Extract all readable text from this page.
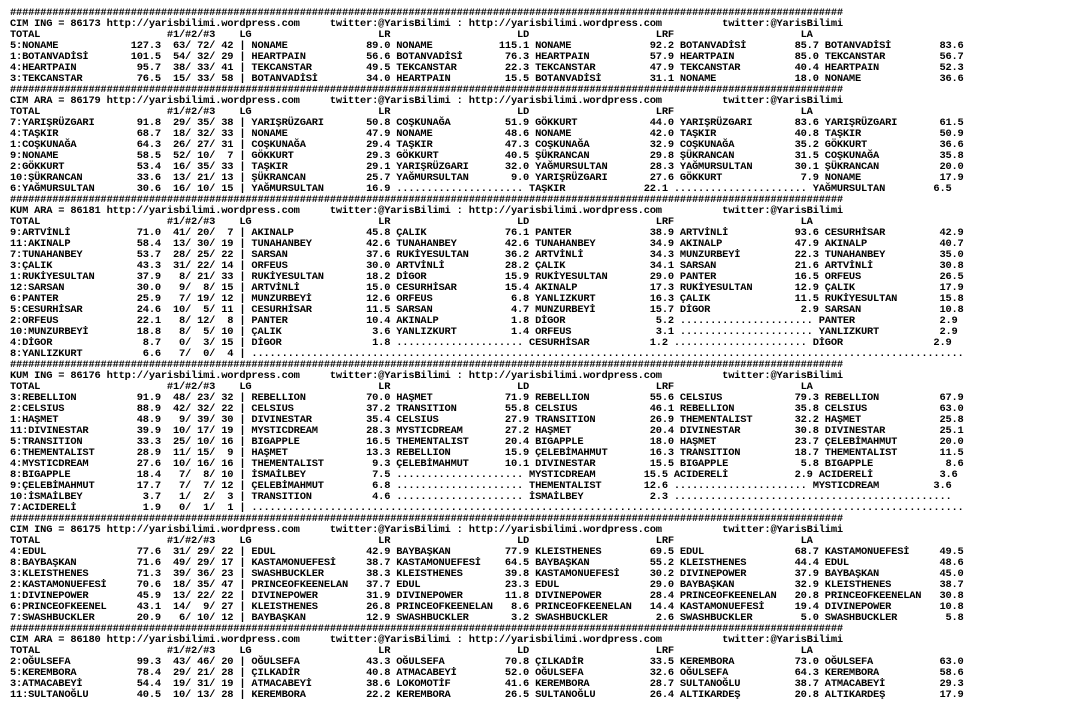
##########################################################################################################################################
CIM ING = 86173 http://yarisbilimi.wordpress.com     twitter:@YarisBilimi : http://yarisbilimi.wordpress.com          twitter:@YarisBilimi
TOTAL                     #1/#2/#3    LG                     LR                     LD                     LRF                     LA
5:NONAME            127.3  63/ 72/ 42 | NONAME             89.0 NONAME           115.1 NONAME             92.2 BOTANVADİSİ        85.7 BOTANVADİSİ        83.6
1:BOTANVADİSİ       101.5  54/ 32/ 29 | HEARTPAIN          56.6 BOTANVADİSİ       76.3 HEARTPAIN          57.9 HEARTPAIN          85.0 TEKCANSTAR         56.7
4:HEARTPAIN          95.7  38/ 33/ 41 | TEKCANSTAR         49.5 TEKCANSTAR        22.3 TEKCANSTAR         47.9 TEKCANSTAR         40.4 HEARTPAIN          52.3
3:TEKCANSTAR         76.5  15/ 33/ 58 | BOTANVADİSİ        34.0 HEARTPAIN         15.5 BOTANVADİSİ        31.1 NONAME             18.0 NONAME             36.6
##########################################################################################################################################
CIM ARA = 86179 http://yarisbilimi.wordpress.com     twitter:@YarisBilimi : http://yarisbilimi.wordpress.com          twitter:@YarisBilimi
TOTAL                     #1/#2/#3    LG                     LR                     LD                     LRF                     LA
7:YARIŞRÜZGARI       91.8  29/ 35/ 38 | YARIŞRÜZGARI       50.8 COŞKUNAĞA         51.9 GÖKKURT            44.0 YARIŞRÜZGARI       83.6 YARIŞRÜZGARI       61.5
4:TAŞKIR             68.7  18/ 32/ 33 | NONAME             47.9 NONAME            48.6 NONAME             42.0 TAŞKIR             40.8 TAŞKIR             50.9
1:COŞKUNAĞA          64.3  26/ 27/ 31 | COŞKUNAĞA          29.4 TAŞKIR            47.3 COŞKUNAĞA          32.9 COŞKUNAĞA          35.2 GÖKKURT            36.6
9:NONAME             58.5  52/ 10/  7 | GÖKKURT            29.3 GÖKKURT           40.5 ŞÜKRANCAN          29.8 ŞÜKRANCAN          31.5 COŞKUNAĞA          35.8
2:GÖKKURT            53.4  16/ 35/ 33 | TAŞKIR             29.1 YARIŞRÜZGARI      32.0 YAĞMURSULTAN       28.3 YAĞMURSULTAN       30.1 ŞÜKRANCAN          20.0
10:ŞÜKRANCAN         33.6  13/ 21/ 13 | ŞÜKRANCAN          25.7 YAĞMURSULTAN       9.0 YARIŞRÜZGARI       27.6 GÖKKURT             7.9 NONAME             17.9
6:YAĞMURSULTAN       30.6  16/ 10/ 15 | YAĞMURSULTAN       16.9 ..................... TAŞKIR             22.1 ...................... YAĞMURSULTAN        6.5
##########################################################################################################################################
KUM ARA = 86181 http://yarisbilimi.wordpress.com     twitter:@YarisBilimi : http://yarisbilimi.wordpress.com          twitter:@YarisBilimi
TOTAL                     #1/#2/#3    LG                     LR                     LD                     LRF                     LA
9:ARTVİNLİ           71.0  41/ 20/  7 | AKINALP            45.8 ÇALIK             76.1 PANTER             38.9 ARTVİNLİ           93.6 CESURHİSAR         42.9
11:AKINALP           58.4  13/ 30/ 19 | TUNAHANBEY         42.6 TUNAHANBEY        42.6 TUNAHANBEY         34.9 AKINALP            47.9 AKINALP            40.7
7:TUNAHANBEY         53.7  28/ 25/ 22 | SARSAN             37.6 RUKİYESULTAN      36.2 ARTVİNLİ           34.3 MUNZURBEYİ         22.3 TUNAHANBEY         35.0
3:ÇALIK              43.3  31/ 22/ 14 | ORFEUS             30.0 ARTVİNLİ          28.2 ÇALIK              34.1 SARSAN             21.6 ARTVİNLİ           30.8
1:RUKİYESULTAN       37.9   8/ 21/ 33 | RUKİYESULTAN       18.2 DİGOR             15.9 RUKİYESULTAN       29.0 PANTER             16.5 ORFEUS             26.5
12:SARSAN            30.0   9/  8/ 15 | ARTVİNLİ           15.0 CESURHİSAR        15.4 AKINALP            17.3 RUKİYESULTAN       12.9 ÇALIK              17.9
6:PANTER             25.9   7/ 19/ 12 | MUNZURBEYİ         12.6 ORFEUS             6.8 YANLIZKURT         16.3 ÇALIK              11.5 RUKİYESULTAN       15.8
5:CESURHİSAR         24.6  10/  5/ 11 | CESURHİSAR         11.5 SARSAN             4.7 MUNZURBEYİ         15.7 DİGOR               2.9 SARSAN             10.8
2:ORFEUS             22.1   8/ 12/  8 | PANTER             10.4 AKINALP            1.8 DİGOR               5.2 ...................... PANTER              2.9
10:MUNZURBEYİ        18.8   8/  5/ 10 | ÇALIK               3.6 YANLIZKURT         1.4 ORFEUS              3.1 ...................... YANLIZKURT          2.9
4:DİGOR               8.7   0/  3/ 15 | DİGOR               1.8 ..................... CESURHİSAR          1.2 ...................... DİGOR               2.9
8:YANLIZKURT          6.6   7/  0/  4 | ......................................................................................................................
##########################################################################################################################################
KUM ING = 86176 http://yarisbilimi.wordpress.com     twitter:@YarisBilimi : http://yarisbilimi.wordpress.com          twitter:@YarisBilimi
TOTAL                     #1/#2/#3    LG                     LR                     LD                     LRF                     LA
3:REBELLION          91.9  48/ 23/ 32 | REBELLION          70.0 HAŞMET            71.9 REBELLION          55.6 CELSIUS            79.3 REBELLION          67.9
2:CELSIUS            88.9  42/ 32/ 22 | CELSIUS            37.2 TRANSITION        55.8 CELSIUS            46.1 REBELLION          35.8 CELSIUS            63.0
1:HAŞMET             48.9   9/ 39/ 30 | DIVINESTAR         35.4 CELSIUS           27.9 TRANSITION         26.9 THEMENTALIST       32.2 HAŞMET             25.8
11:DIVINESTAR        39.9  10/ 17/ 19 | MYSTICDREAM        28.3 MYSTICDREAM       27.2 HAŞMET             20.4 DIVINESTAR         30.8 DIVINESTAR         25.1
5:TRANSITION         33.3  25/ 10/ 16 | BIGAPPLE           16.5 THEMENTALIST      20.4 BIGAPPLE           18.0 HAŞMET             23.7 ÇELEBİMAHMUT       20.0
6:THEMENTALIST       28.9  11/ 15/  9 | HAŞMET             13.3 REBELLION         15.9 ÇELEBİMAHMUT       16.3 TRANSITION         18.7 THEMENTALIST       11.5
4:MYSTICDREAM        27.6  10/ 16/ 16 | THEMENTALIST        9.3 ÇELEBİMAHMUT      10.1 DIVINESTAR         15.5 BIGAPPLE            5.8 BIGAPPLE            8.6
8:BIGAPPLE           18.4   7/  8/ 10 | İSMAİLBEY           7.5 ..................... MYSTICDREAM        15.5 ACIDERELİ           2.9 ACIDERELİ           3.6
9:ÇELEBİMAHMUT       17.7   7/  7/ 12 | ÇELEBİMAHMUT        6.8 ..................... THEMENTALIST       12.6 ...................... MYSTICDREAM         3.6
10:İSMAİLBEY          3.7   1/  2/  3 | TRANSITION          4.6 ..................... İSMAİLBEY           2.3 ..............................................
7:ACIDERELİ           1.9   0/  1/  1 | ......................................................................................................................
##########################################################################################################################################
CIM ING = 86175 http://yarisbilimi.wordpress.com     twitter:@YarisBilimi : http://yarisbilimi.wordpress.com          twitter:@YarisBilimi
TOTAL                     #1/#2/#3    LG                     LR                     LD                     LRF                     LA
4:EDUL               77.6  31/ 29/ 22 | EDUL               42.9 BAYBAŞKAN         77.9 KLEISTHENES        69.5 EDUL               68.7 KASTAMONUEFESİ     49.5
8:BAYBAŞKAN          71.6  49/ 29/ 17 | KASTAMONUEFESİ     38.7 KASTAMONUEFESİ    64.5 BAYBAŞKAN          55.2 KLEISTHENES        44.4 EDUL               48.6
3:KLEISTHENES        71.3  39/ 36/ 23 | SWASHBUCKLER       38.3 KLEISTHENES       39.8 KASTAMONUEFESİ     30.2 DIVINEPOWER        37.9 BAYBAŞKAN          45.0
2:KASTAMONUEFESİ     70.6  18/ 35/ 47 | PRINCEOFKEENELAN   37.7 EDUL              23.3 EDUL               29.0 BAYBAŞKAN          32.9 KLEISTHENES        38.7
1:DIVINEPOWER        45.9  13/ 22/ 22 | DIVINEPOWER        31.9 DIVINEPOWER       11.8 DIVINEPOWER        28.4 PRINCEOFKEENELAN   20.8 PRINCEOFKEENELAN   30.8
6:PRINCEOFKEENEL     43.1  14/  9/ 27 | KLEISTHENES        26.8 PRINCEOFKEENELAN   8.6 PRINCEOFKEENELAN   14.4 KASTAMONUEFESİ     19.4 DIVINEPOWER        10.8
7:SWASHBUCKLER       20.9   6/ 10/ 12 | BAYBAŞKAN          12.9 SWASHBUCKLER       3.2 SWASHBUCKLER        2.6 SWASHBUCKLER        5.0 SWASHBUCKLER        5.8
##########################################################################################################################################
CIM ARA = 86180 http://yarisbilimi.wordpress.com     twitter:@YarisBilimi : http://yarisbilimi.wordpress.com          twitter:@YarisBilimi
TOTAL                     #1/#2/#3    LG                     LR                     LD                     LRF                     LA
2:OĞULSEFA           99.3  43/ 46/ 20 | OĞULSEFA           43.3 OĞULSEFA          70.8 ÇILKADİR           33.5 KEREMBORA          73.0 OĞULSEFA           63.0
5:KEREMBORA          78.4  29/ 21/ 28 | ÇILKADİR           40.8 ATMACABEYİ        52.0 OĞULSEFA           32.6 OĞULSEFA           64.3 KEREMBORA          58.6
3:ATMACABEYİ         54.4  19/ 31/ 19 | ATMACABEYİ         38.6 LOKOMOTİF         41.6 KEREMBORA          28.7 SULTANOĞLU         38.7 ATMACABEYİ         29.3
11:SULTANOĞLU        40.5  10/ 13/ 28 | KEREMBORA          22.2 KEREMBORA         26.5 SULTANOĞLU         26.4 ALTIKARDEŞ         20.8 ALTIKARDEŞ         17.9
